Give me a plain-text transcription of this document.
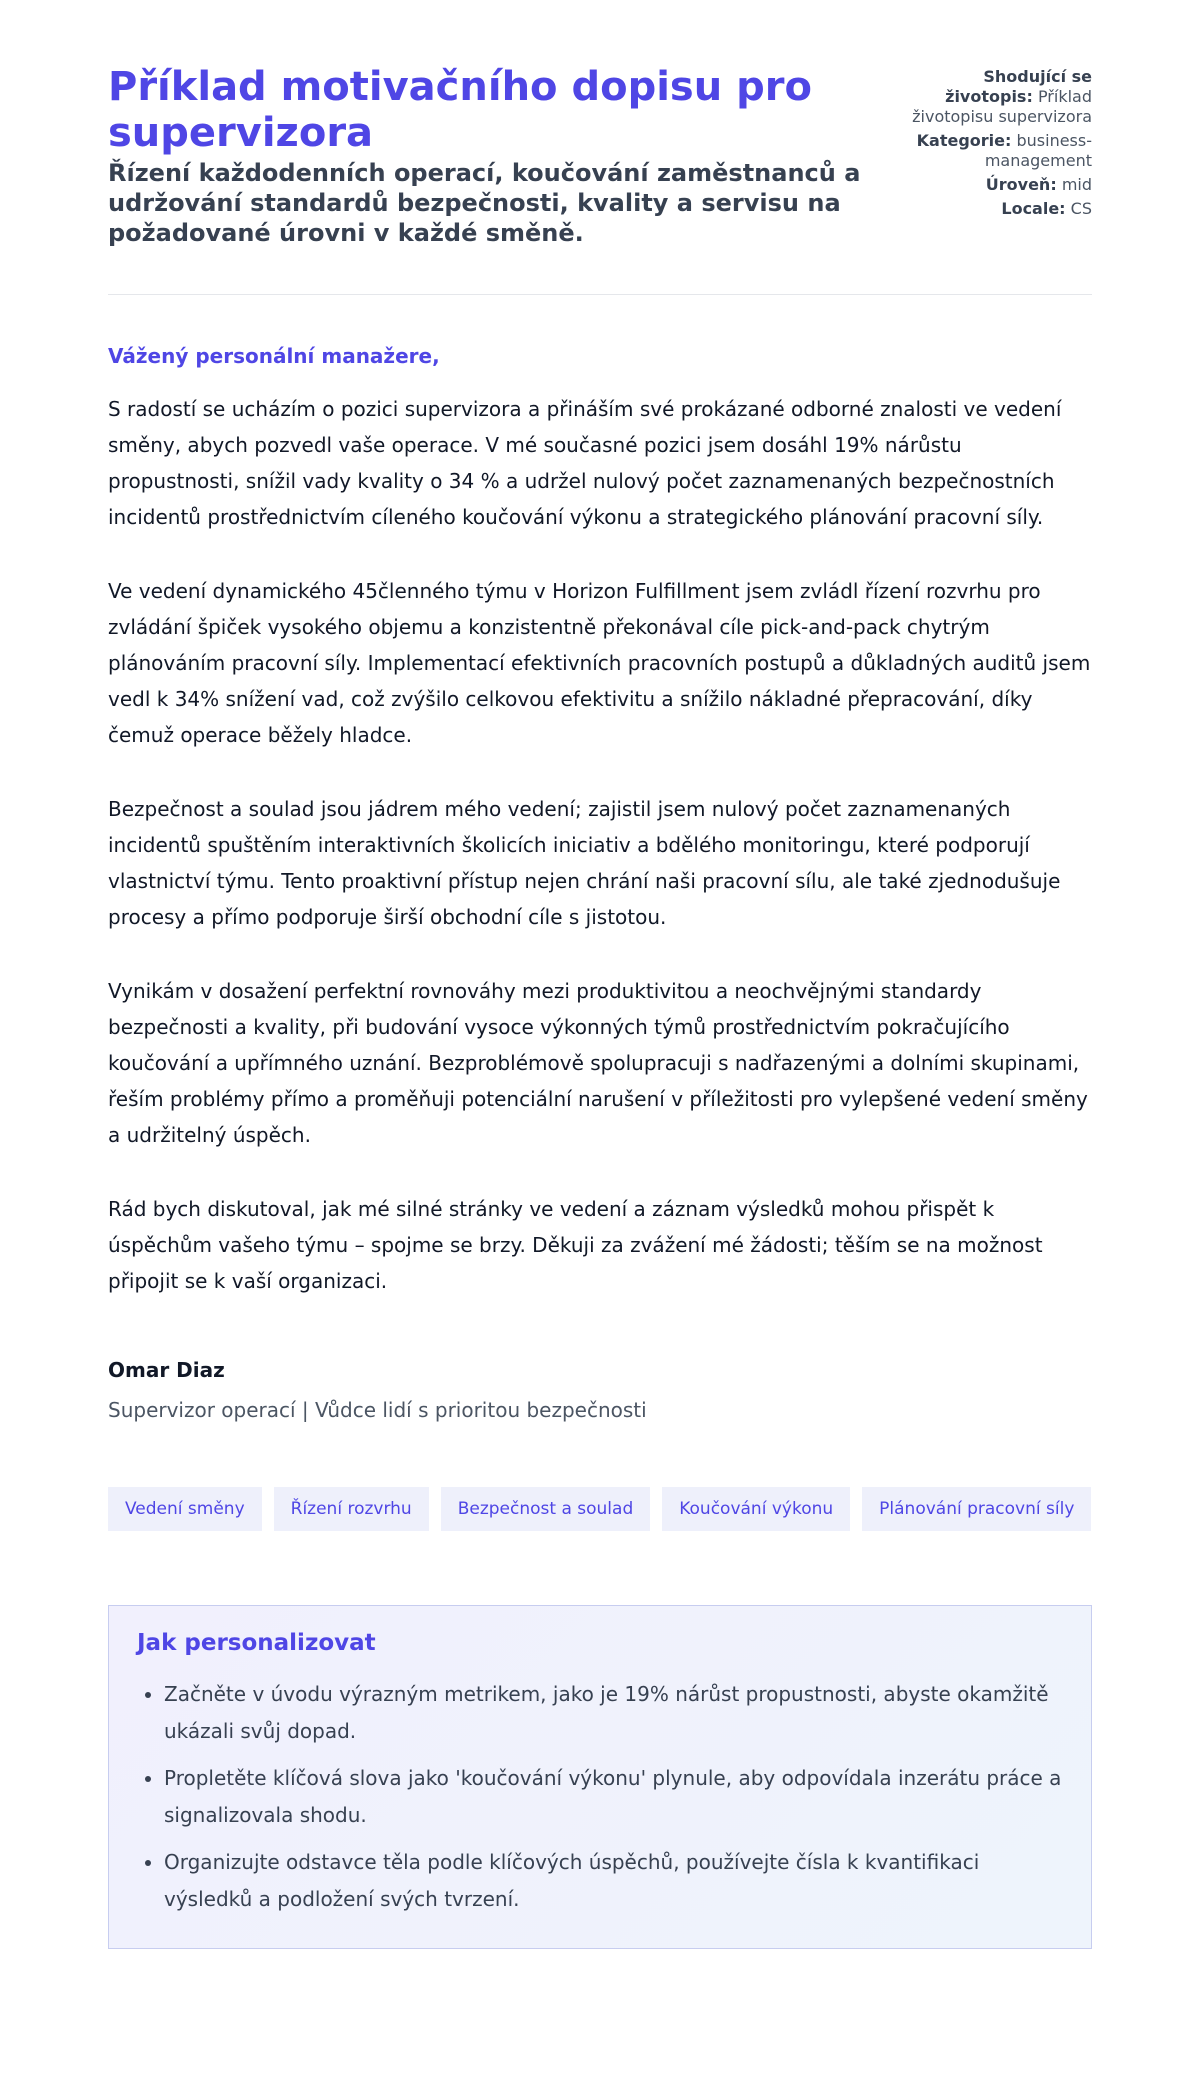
Příklad motivačního dopisu pro supervizora
Řízení každodenních operací, koučování zaměstnanců a udržování standardů bezpečnosti, kvality a servisu na požadované úrovni v každé směně.
Shodující se životopis: Příklad životopisu supervizora
Kategorie: business-management
Úroveň: mid
Locale: CS

Vážený personální manažere,

S radostí se ucházím o pozici supervizora a přináším své prokázané odborné znalosti ve vedení směny, abych pozvedl vaše operace. V mé současné pozici jsem dosáhl 19% nárůstu propustnosti, snížil vady kvality o 34 % a udržel nulový počet zaznamenaných bezpečnostních incidentů prostřednictvím cíleného koučování výkonu a strategického plánování pracovní síly.

Ve vedení dynamického 45členného týmu v Horizon Fulfillment jsem zvládl řízení rozvrhu pro zvládání špiček vysokého objemu a konzistentně překonával cíle pick-and-pack chytrým plánováním pracovní síly. Implementací efektivních pracovních postupů a důkladných auditů jsem vedl k 34% snížení vad, což zvýšilo celkovou efektivitu a snížilo nákladné přepracování, díky čemuž operace běžely hladce.

Bezpečnost a soulad jsou jádrem mého vedení; zajistil jsem nulový počet zaznamenaných incidentů spuštěním interaktivních školicích iniciativ a bdělého monitoringu, které podporují vlastnictví týmu. Tento proaktivní přístup nejen chrání naši pracovní sílu, ale také zjednodušuje procesy a přímo podporuje širší obchodní cíle s jistotou.

Vynikám v dosažení perfektní rovnováhy mezi produktivitou a neochvějnými standardy bezpečnosti a kvality, při budování vysoce výkonných týmů prostřednictvím pokračujícího koučování a upřímného uznání. Bezproblémově spolupracuji s nadřazenými a dolními skupinami, řeším problémy přímo a proměňuji potenciální narušení v příležitosti pro vylepšené vedení směny a udržitelný úspěch.

Rád bych diskutoval, jak mé silné stránky ve vedení a záznam výsledků mohou přispět k úspěchům vašeho týmu – spojme se brzy. Děkuji za zvážení mé žádosti; těším se na možnost připojit se k vaší organizaci.

Omar Diaz

Supervizor operací | Vůdce lidí s prioritou bezpečnosti

Vedení směny	Řízení rozvrhu	Bezpečnost a soulad	Koučování výkonu	Plánování pracovní síly
Jak personalizovat
• Začněte v úvodu výrazným metrikem, jako je 19% nárůst propustnosti, abyste okamžitě ukázali svůj dopad.
• Propletěte klíčová slova jako 'koučování výkonu' plynule, aby odpovídala inzerátu práce a signalizovala shodu.
• Organizujte odstavce těla podle klíčových úspěchů, používejte čísla k kvantifikaci výsledků a podložení svých tvrzení.
